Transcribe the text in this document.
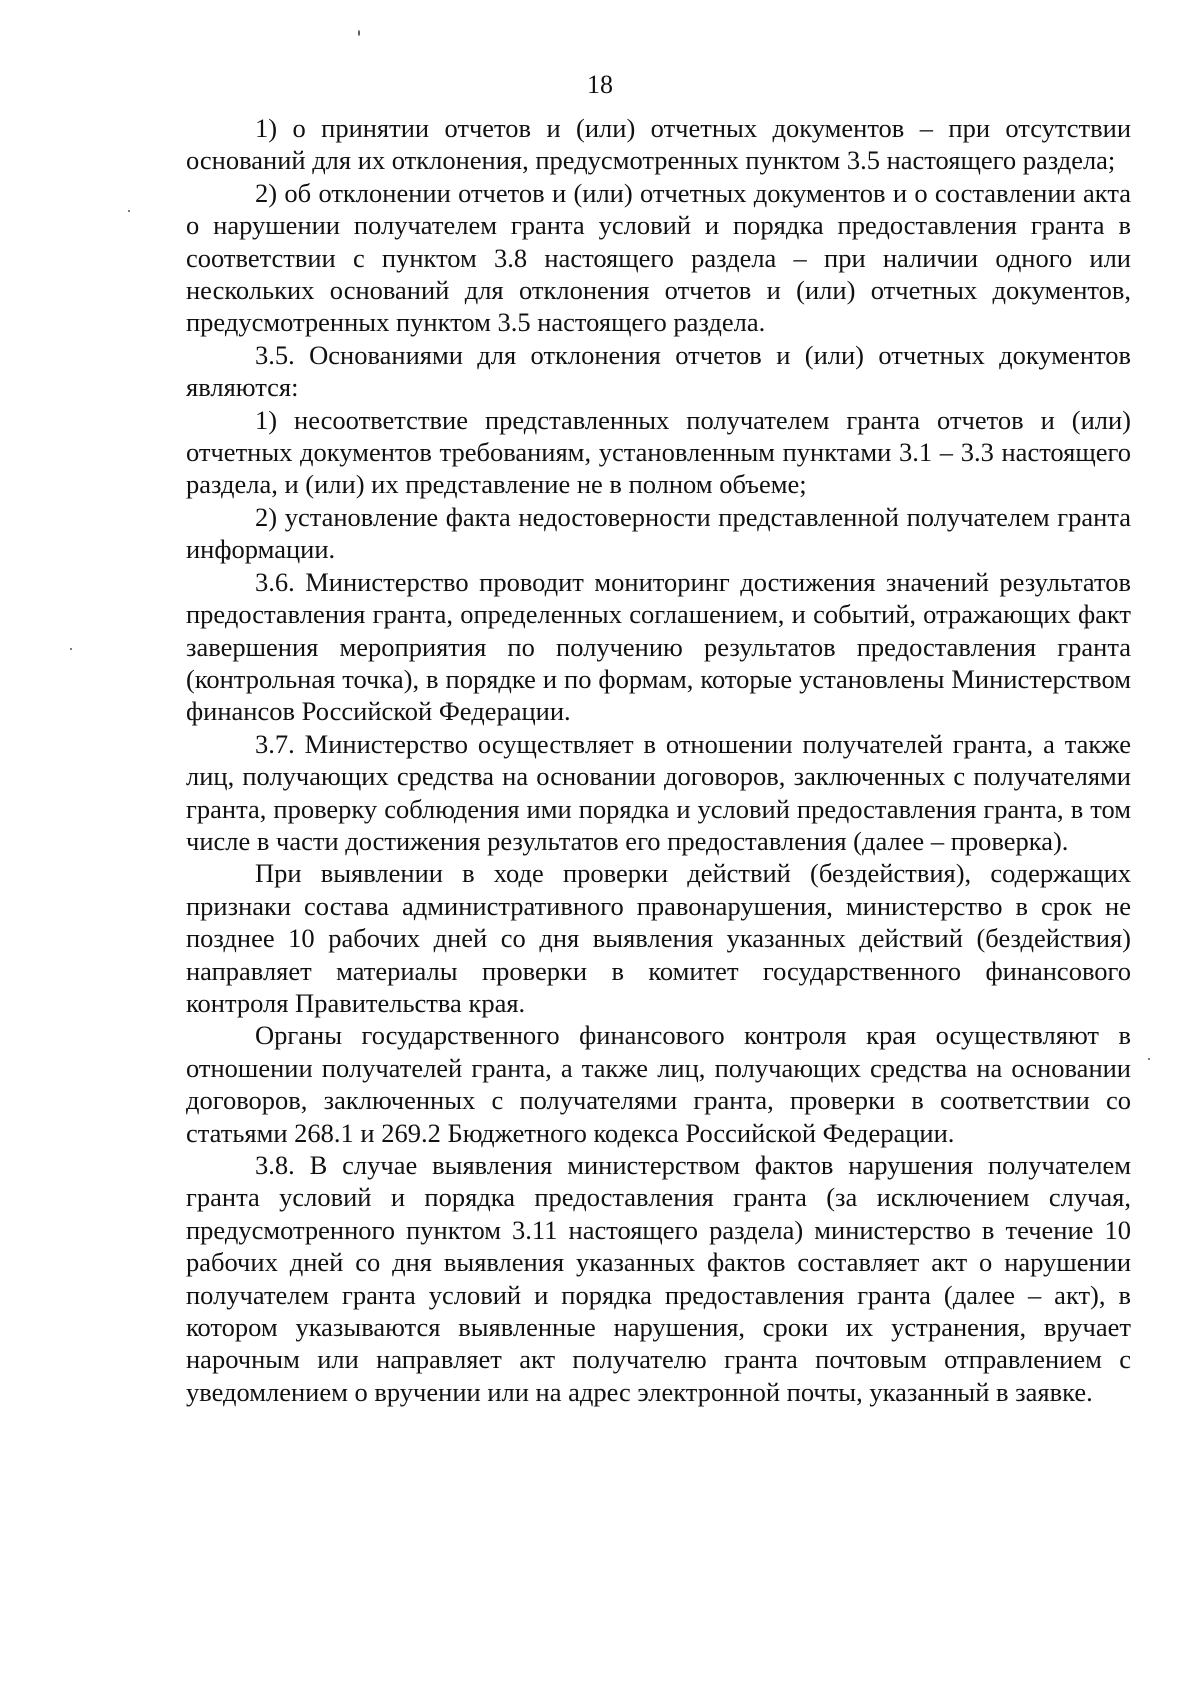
18

1) о принятии отчетов и (или) отчетных документов – при отсутствии оснований для их отклонения, предусмотренных пунктом 3.5 настоящего раздела;

2) об отклонении отчетов и (или) отчетных документов и о составлении акта о нарушении получателем гранта условий и порядка предоставления гранта в соответствии с пунктом 3.8 настоящего раздела – при наличии одного или нескольких оснований для отклонения отчетов и (или) отчетных документов, предусмотренных пунктом 3.5 настоящего раздела.

3.5. Основаниями для отклонения отчетов и (или) отчетных документов являются:

1) несоответствие представленных получателем гранта отчетов и (или) отчетных документов требованиям, установленным пунктами 3.1 – 3.3 настоящего раздела, и (или) их представление не в полном объеме;

2) установление факта недостоверности представленной получателем гранта информации.

3.6. Министерство проводит мониторинг достижения значений результатов предоставления гранта, определенных соглашением, и событий, отражающих факт завершения мероприятия по получению результатов предоставления гранта (контрольная точка), в порядке и по формам, которые установлены Министерством финансов Российской Федерации.

3.7. Министерство осуществляет в отношении получателей гранта, а также лиц, получающих средства на основании договоров, заключенных с получателями гранта, проверку соблюдения ими порядка и условий предоставления гранта, в том числе в части достижения результатов его предоставления (далее – проверка).

При выявлении в ходе проверки действий (бездействия), содержащих признаки состава административного правонарушения, министерство в срок не позднее 10 рабочих дней со дня выявления указанных действий (бездействия) направляет материалы проверки в комитет государственного финансового контроля Правительства края.

Органы государственного финансового контроля края осуществляют в отношении получателей гранта, а также лиц, получающих средства на основании договоров, заключенных с получателями гранта, проверки в соответствии со статьями 268.1 и 269.2 Бюджетного кодекса Российской Федерации.

3.8. В случае выявления министерством фактов нарушения получателем гранта условий и порядка предоставления гранта (за исключением случая, предусмотренного пунктом 3.11 настоящего раздела) министерство в течение 10 рабочих дней со дня выявления указанных фактов составляет акт о нарушении получателем гранта условий и порядка предоставления гранта (далее – акт), в котором указываются выявленные нарушения, сроки их устранения, вручает нарочным или направляет акт получателю гранта почтовым отправлением с уведомлением о вручении или на адрес электронной почты, указанный в заявке.
